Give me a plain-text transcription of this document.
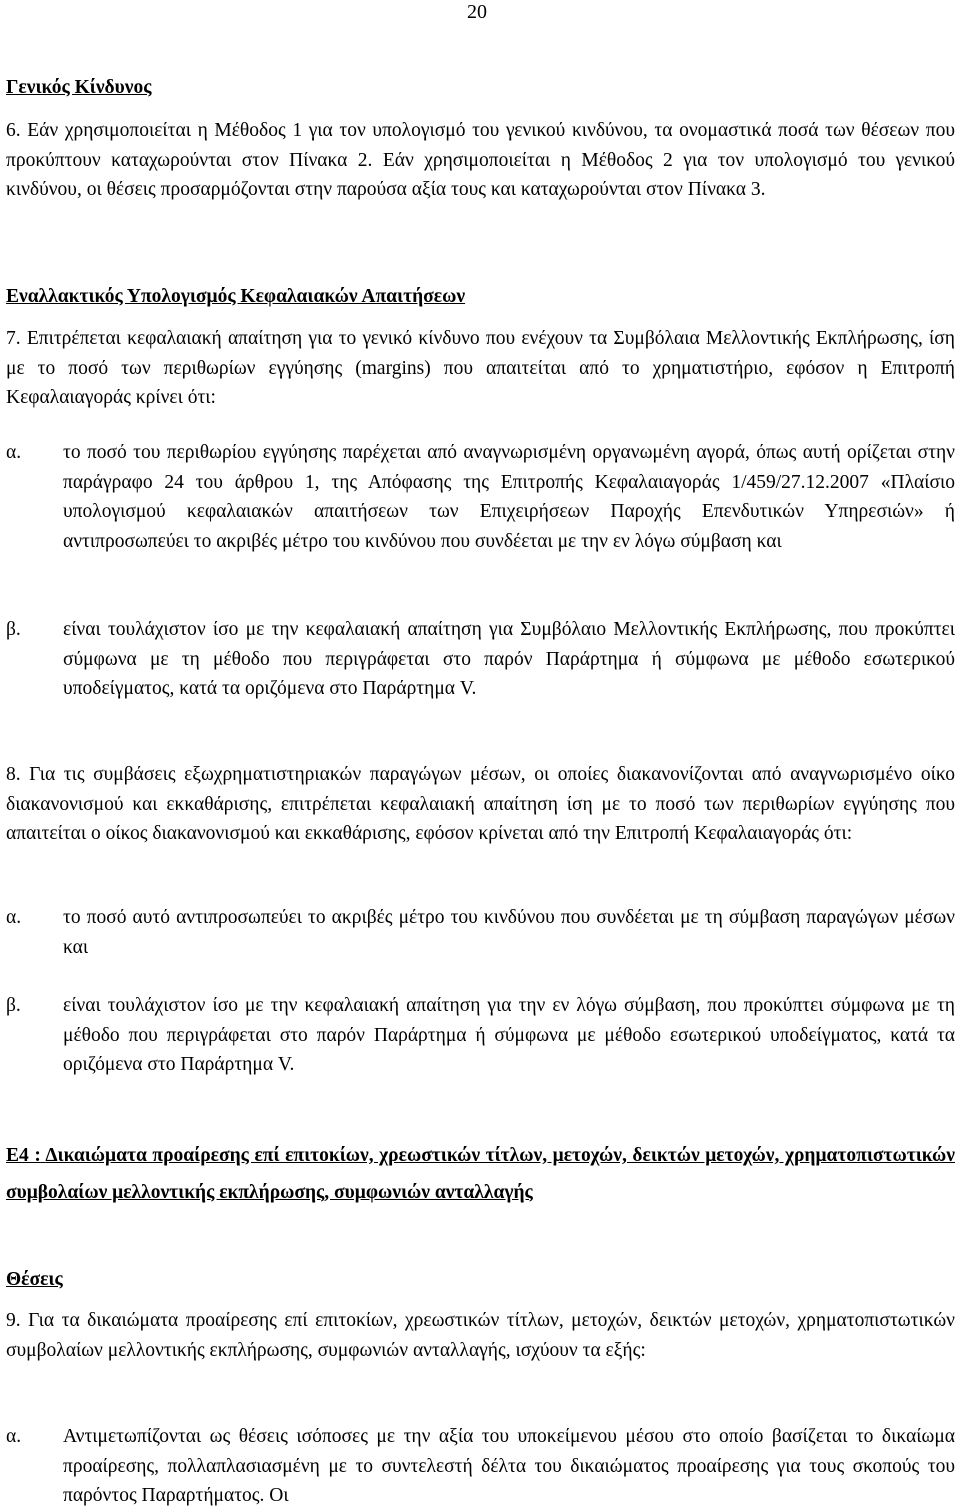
20
Γενικός Κίνδυνος

6. Εάν χρησιμοποιείται η Μέθοδος 1 για τον υπολογισμό του γενικού κινδύνου, τα ονομαστικά ποσά των θέσεων που προκύπτουν καταχωρούνται στον Πίνακα 2. Εάν χρησιμοποιείται η Μέθοδος 2 για τον υπολογισμό του γενικού κινδύνου, οι θέσεις προσαρμόζονται στην παρούσα αξία τους και καταχωρούνται στον Πίνακα 3.

Εναλλακτικός Υπολογισμός Κεφαλαιακών Απαιτήσεων

7. Επιτρέπεται κεφαλαιακή απαίτηση για το γενικό κίνδυνο που ενέχουν τα Συμβόλαια Μελλοντικής Εκπλήρωσης, ίση με το ποσό των περιθωρίων εγγύησης (margins) που απαιτείται από το χρηματιστήριο, εφόσον η Επιτροπή Κεφαλαιαγοράς κρίνει ότι:

α. το ποσό του περιθωρίου εγγύησης παρέχεται από αναγνωρισμένη οργανωμένη αγορά, όπως αυτή ορίζεται στην παράγραφο 24 του άρθρου 1, της Απόφασης της Επιτροπής Κεφαλαιαγοράς 1/459/27.12.2007 «Πλαίσιο υπολογισμού κεφαλαιακών απαιτήσεων των Επιχειρήσεων Παροχής Επενδυτικών Υπηρεσιών» ή αντιπροσωπεύει το ακριβές μέτρο του κινδύνου που συνδέεται με την εν λόγω σύμβαση και

β. είναι τουλάχιστον ίσο με την κεφαλαιακή απαίτηση για Συμβόλαιο Μελλοντικής Εκπλήρωσης, που προκύπτει σύμφωνα με τη μέθοδο που περιγράφεται στο παρόν Παράρτημα ή σύμφωνα με μέθοδο εσωτερικού υποδείγματος, κατά τα οριζόμενα στο Παράρτημα V.

8. Για τις συμβάσεις εξωχρηματιστηριακών παραγώγων μέσων, οι οποίες διακανονίζονται από αναγνωρισμένο οίκο διακανονισμού και εκκαθάρισης, επιτρέπεται κεφαλαιακή απαίτηση ίση με το ποσό των περιθωρίων εγγύησης που απαιτείται ο οίκος διακανονισμού και εκκαθάρισης, εφόσον κρίνεται από την Επιτροπή Κεφαλαιαγοράς ότι:

α. το ποσό αυτό αντιπροσωπεύει το ακριβές μέτρο του κινδύνου που συνδέεται με τη σύμβαση παραγώγων μέσων και

β. είναι τουλάχιστον ίσο με την κεφαλαιακή απαίτηση για την εν λόγω σύμβαση, που προκύπτει σύμφωνα με τη μέθοδο που περιγράφεται στο παρόν Παράρτημα ή σύμφωνα με μέθοδο εσωτερικού υποδείγματος, κατά τα οριζόμενα στο Παράρτημα V.

Ε4 : Δικαιώματα προαίρεσης επί επιτοκίων, χρεωστικών τίτλων, μετοχών, δεικτών μετοχών, χρηματοπιστωτικών συμβολαίων μελλοντικής εκπλήρωσης, συμφωνιών ανταλλαγής

Θέσεις

9. Για τα δικαιώματα προαίρεσης επί επιτοκίων, χρεωστικών τίτλων, μετοχών, δεικτών μετοχών, χρηματοπιστωτικών συμβολαίων μελλοντικής εκπλήρωσης, συμφωνιών ανταλλαγής, ισχύουν τα εξής:

α. Αντιμετωπίζονται ως θέσεις ισόποσες με την αξία του υποκείμενου μέσου στο οποίο βασίζεται το δικαίωμα προαίρεσης, πολλαπλασιασμένη με το συντελεστή δέλτα του δικαιώματος προαίρεσης για τους σκοπούς του παρόντος Παραρτήματος. Οι
